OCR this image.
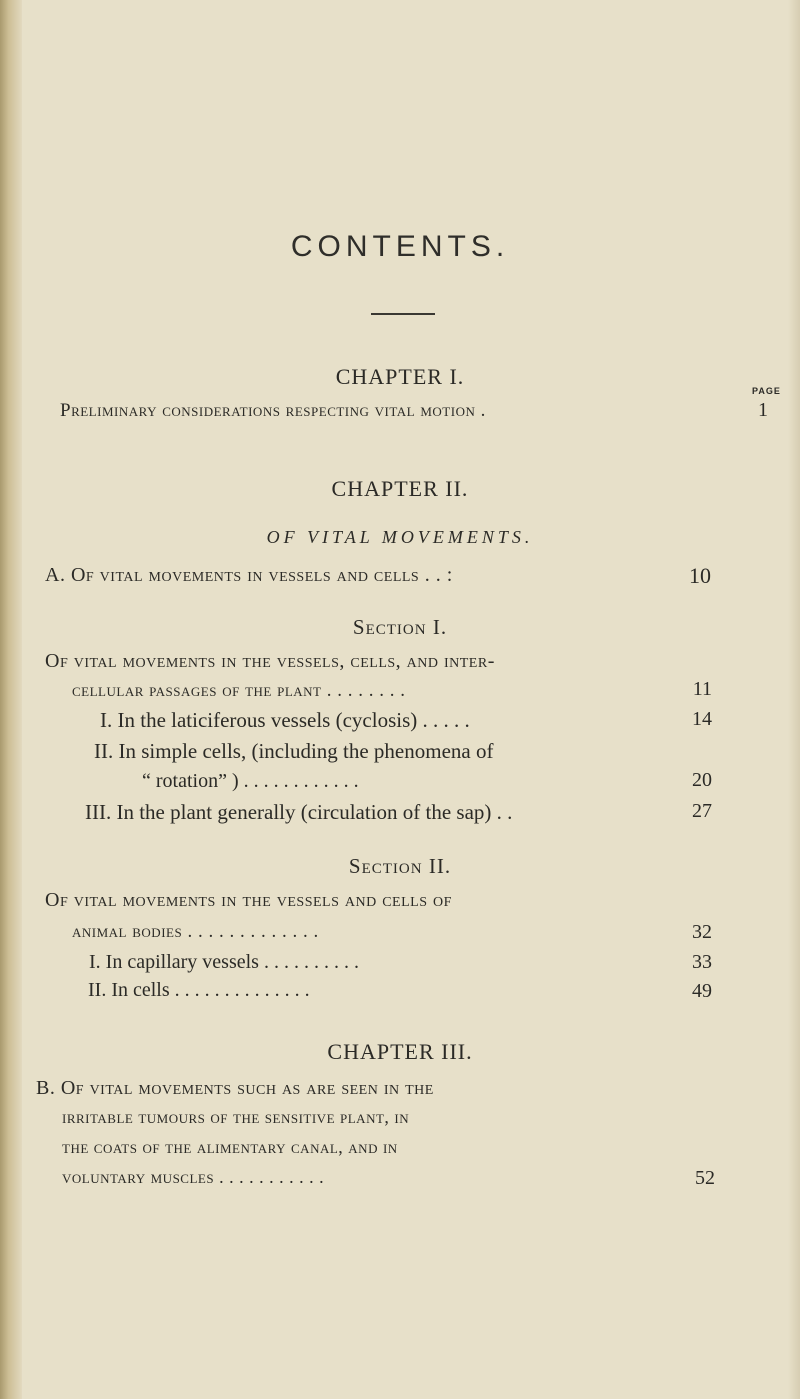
CONTENTS.
CHAPTER I.
PAGE
Preliminary considerations respecting vital motion .	1
CHAPTER II.
OF VITAL MOVEMENTS.
A. Of vital movements in vessels and cells . . :	10
Section I.
Of vital movements in the vessels, cells, and inter-
cellular passages of the plant . . . . . . . .	11
I. In the laticiferous vessels (cyclosis) . . . . .	14
II. In simple cells, (including the phenomena of
“ rotation” ) . . . . . . . . . . . .	20
III. In the plant generally (circulation of the sap) . .	27
Section II.
Of vital movements in the vessels and cells of
animal bodies . . . . . . . . . . . . .	32
I. In capillary vessels . . . . . . . . . .	33
II. In cells . . . . . . . . . . . . . .	49
CHAPTER III.
B. Of vital movements such as are seen in the
irritable tumours of the sensitive plant, in
the coats of the alimentary canal, and in
voluntary muscles . . . . . . . . . . .	52
